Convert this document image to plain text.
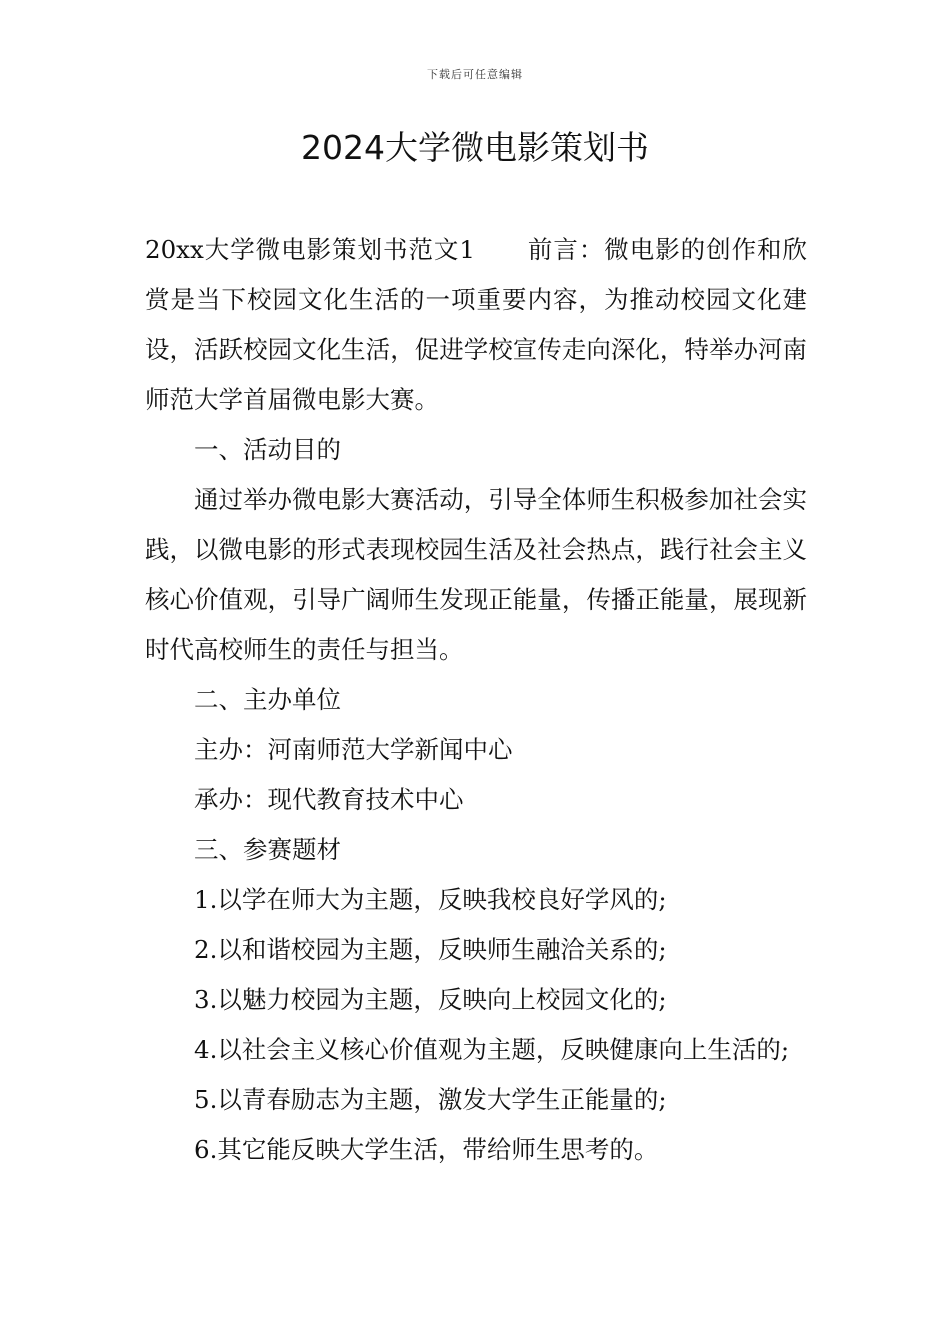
下载后可任意编辑
2024大学微电影策划书

20xx大学微电影策划书范文1 前言：微电影的创作和欣赏是当下校园文化生活的一项重要内容，为推动校园文化建设，活跃校园文化生活，促进学校宣传走向深化，特举办河南师范大学首届微电影大赛。

一、活动目的

通过举办微电影大赛活动，引导全体师生积极参加社会实践，以微电影的形式表现校园生活及社会热点，践行社会主义核心价值观，引导广阔师生发现正能量，传播正能量，展现新时代高校师生的责任与担当。

二、主办单位

主办：河南师范大学新闻中心

承办：现代教育技术中心

三、参赛题材

1.以学在师大为主题，反映我校良好学风的;

2.以和谐校园为主题，反映师生融洽关系的;

3.以魅力校园为主题，反映向上校园文化的;

4.以社会主义核心价值观为主题，反映健康向上生活的;

5.以青春励志为主题，激发大学生正能量的;

6.其它能反映大学生活，带给师生思考的。
